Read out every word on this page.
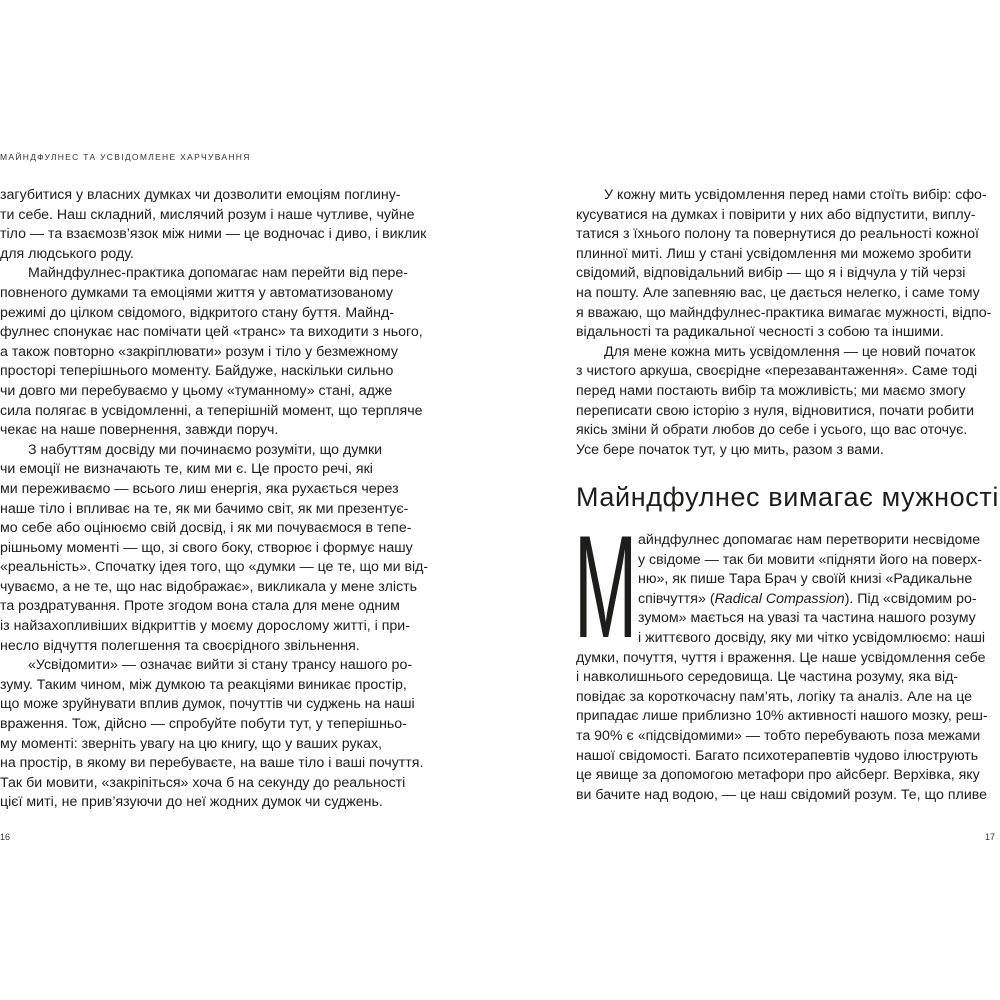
МАЙНДФУЛНЕС ТА УСВІДОМЛЕНЕ ХАРЧУВАННЯ
загубитися у власних думках чи дозволити емоціям поглину-
ти себе. Наш складний, мислячий розум і наше чутливе, чуйне
тіло — та взаємозв’язок між ними — це водночас і диво, і виклик
для людського роду.
Майндфулнес-практика допомагає нам перейти від пере-
повненого думками та емоціями життя у автоматизованому
режимі до цілком свідомого, відкритого стану буття. Майнд-
фулнес спонукає нас помічати цей «транс» та виходити з нього,
а також повторно «закріплювати» розум і тіло у безмежному
просторі теперішнього моменту. Байдуже, наскільки сильно
чи довго ми перебуваємо у цьому «туманному» стані, адже
сила полягає в усвідомленні, а теперішній момент, що терпляче
чекає на наше повернення, завжди поруч.
З набуттям досвіду ми починаємо розуміти, що думки
чи емоції не визначають те, ким ми є. Це просто речі, які
ми переживаємо — всього лиш енергія, яка рухається через
наше тіло і впливає на те, як ми бачимо світ, як ми презентує-
мо себе або оцінюємо свій досвід, і як ми почуваємося в тепе-
рішньому моменті — що, зі свого боку, створює і формує нашу
«реальність». Спочатку ідея того, що «думки — це те, що ми від-
чуваємо, а не те, що нас відображає», викликала у мене злість
та роздратування. Проте згодом вона стала для мене одним
із найзахопливіших відкриттів у моєму дорослому житті, і при-
несло відчуття полегшення та своєрідного звільнення.
«Усвідомити» — означає вийти зі стану трансу нашого ро-
зуму. Таким чином, між думкою та реакціями виникає простір,
що може зруйнувати вплив думок, почуттів чи суджень на наші
враження. Тож, дійсно — спробуйте побути тут, у теперішньо-
му моменті: зверніть увагу на цю книгу, що у ваших руках,
на простір, в якому ви перебуваєте, на ваше тіло і ваші почуття.
Так би мовити, «закріпіться» хоча б на секунду до реальності
цієї миті, не прив’язуючи до неї жодних думок чи суджень.
16
У кожну мить усвідомлення перед нами стоїть вибір: сфо-
кусуватися на думках і повірити у них або відпустити, виплу-
татися з їхнього полону та повернутися до реальності кожної
плинної миті. Лиш у стані усвідомлення ми можемо зробити
свідомий, відповідальний вибір — що я і відчула у тій черзі
на пошту. Але запевняю вас, це дається нелегко, і саме тому
я вважаю, що майндфулнес-практика вимагає мужності, відпо-
відальності та радикальної чесності з собою та іншими.
Для мене кожна мить усвідомлення — це новий початок
з чистого аркуша, своєрідне «перезавантаження». Саме тоді
перед нами постають вибір та можливість; ми маємо змогу
переписати свою історію з нуля, відновитися, почати робити
якісь зміни й обрати любов до себе і усього, що вас оточує.
Усе бере початок тут, у цю мить, разом з вами.
Майндфулнес вимагає мужності
М айндфулнес допомагає нам перетворити несвідоме
у свідоме — так би мовити «підняти його на поверх-
ню», як пише Тара Брач у своїй книзі «Радикальне
співчуття» (Radical Compassion). Під «свідомим ро-
зумом» мається на увазі та частина нашого розуму
і життєвого досвіду, яку ми чітко усвідомлюємо: наші
думки, почуття, чуття і враження. Це наше усвідомлення себе
і навколишнього середовища. Це частина розуму, яка від-
повідає за короткочасну пам’ять, логіку та аналіз. Але на це
припадає лише приблизно 10% активності нашого мозку, реш-
та 90% є «підсвідомими» — тобто перебувають поза межами
нашої свідомості. Багато психотерапевтів чудово ілюструють
це явище за допомогою метафори про айсберг. Верхівка, яку
ви бачите над водою, — це наш свідомий розум. Те, що пливе
17
